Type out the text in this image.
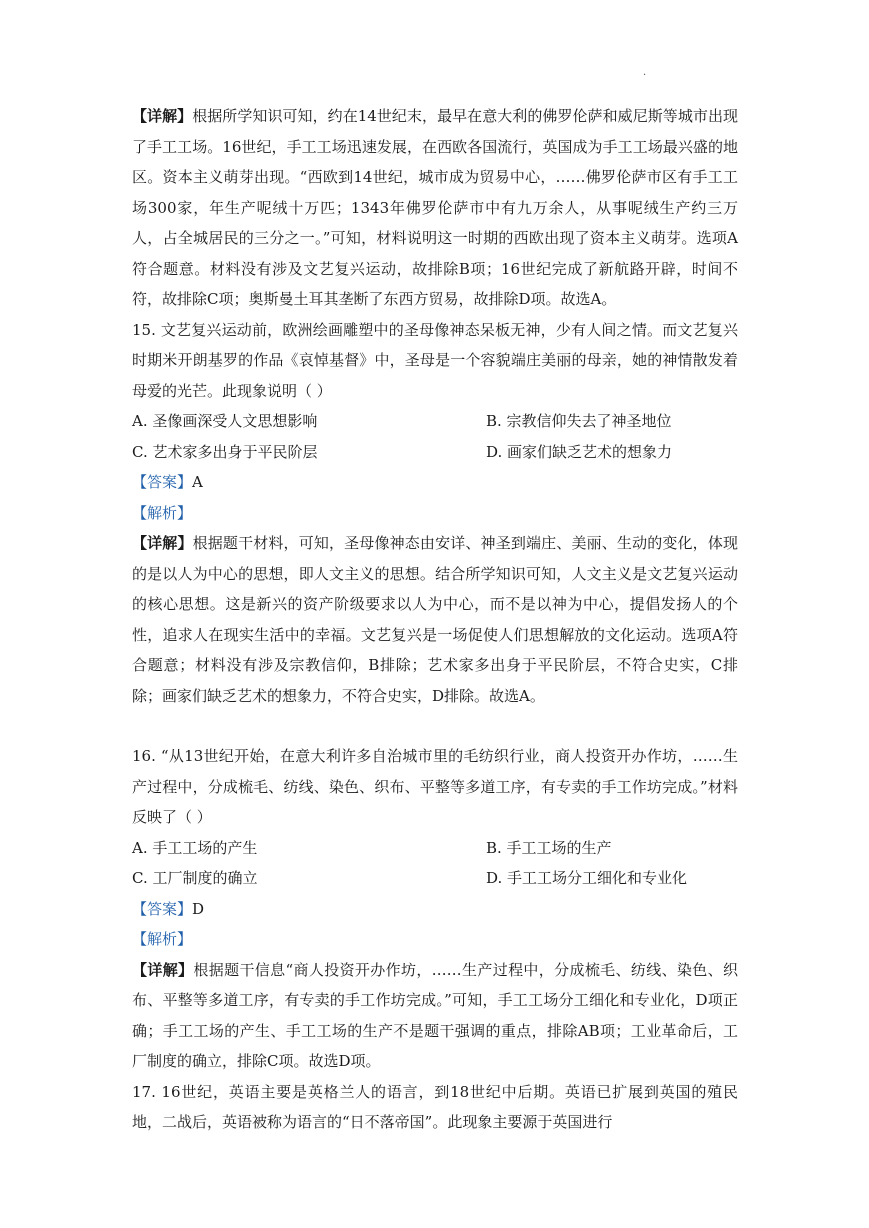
·

【详解】根据所学知识可知，约在14世纪末，最早在意大利的佛罗伦萨和威尼斯等城市出现了手工工场。16世纪，手工工场迅速发展，在西欧各国流行，英国成为手工工场最兴盛的地区。资本主义萌芽出现。“西欧到14世纪，城市成为贸易中心，……佛罗伦萨市区有手工工场300家，年生产呢绒十万匹；1343年佛罗伦萨市中有九万余人，从事呢绒生产约三万人，占全城居民的三分之一。”可知，材料说明这一时期的西欧出现了资本主义萌芽。选项A符合题意。材料没有涉及文艺复兴运动，故排除B项；16世纪完成了新航路开辟，时间不符，故排除C项；奥斯曼土耳其垄断了东西方贸易，故排除D项。故选A。

15. 文艺复兴运动前，欧洲绘画雕塑中的圣母像神态呆板无神，少有人间之情。而文艺复兴时期米开朗基罗的作品《哀悼基督》中，圣母是一个容貌端庄美丽的母亲，她的神情散发着母爱的光芒。此现象说明（ ）

A. 圣像画深受人文思想影响	B. 宗教信仰失去了神圣地位
C. 艺术家多出身于平民阶层	D. 画家们缺乏艺术的想象力

【答案】A

【解析】

【详解】根据题干材料，可知，圣母像神态由安详、神圣到端庄、美丽、生动的变化，体现的是以人为中心的思想，即人文主义的思想。结合所学知识可知，人文主义是文艺复兴运动的核心思想。这是新兴的资产阶级要求以人为中心，而不是以神为中心，提倡发扬人的个性，追求人在现实生活中的幸福。文艺复兴是一场促使人们思想解放的文化运动。选项A符合题意；材料没有涉及宗教信仰，B排除；艺术家多出身于平民阶层，不符合史实，C排除；画家们缺乏艺术的想象力，不符合史实，D排除。故选A。

16. “从13世纪开始，在意大利许多自治城市里的毛纺织行业，商人投资开办作坊，……生产过程中，分成梳毛、纺线、染色、织布、平整等多道工序，有专卖的手工作坊完成。”材料反映了（ ）

A. 手工工场的产生	B. 手工工场的生产
C. 工厂制度的确立	D. 手工工场分工细化和专业化

【答案】D

【解析】

【详解】根据题干信息“商人投资开办作坊，……生产过程中，分成梳毛、纺线、染色、织布、平整等多道工序，有专卖的手工作坊完成。”可知，手工工场分工细化和专业化，D项正确；手工工场的产生、手工工场的生产不是题干强调的重点，排除AB项；工业革命后，工厂制度的确立，排除C项。故选D项。

17. 16世纪，英语主要是英格兰人的语言，到18世纪中后期。英语已扩展到英国的殖民地，二战后，英语被称为语言的“日不落帝国”。此现象主要源于英国进行
